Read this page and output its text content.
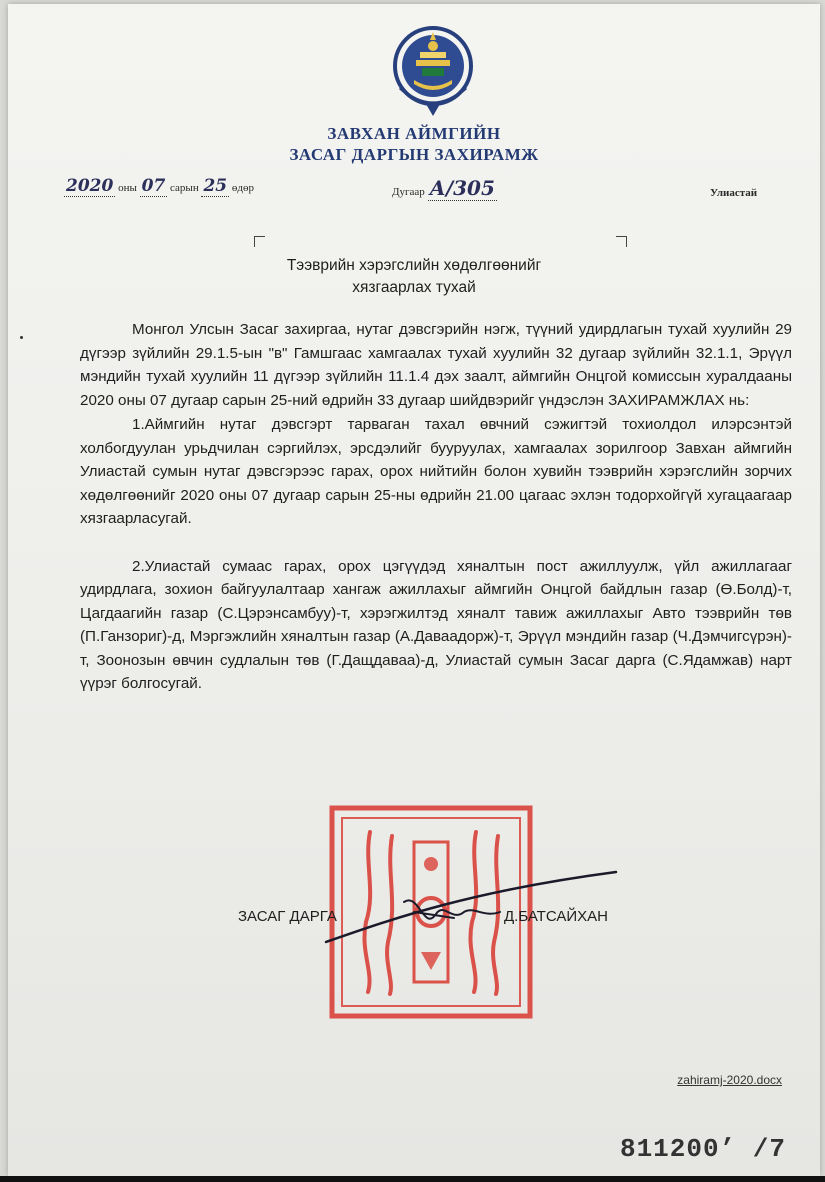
ЗАВХАН АЙМГИЙН
ЗАСАГ ДАРГЫН ЗАХИРАМЖ
2020 оны 07 сарын 25 өдөр	Дугаар А/305	Улиастай
Тээврийн хэрэгслийн хөдөлгөөнийг
хязгаарлах тухай

Монгол Улсын Засаг захиргаа, нутаг дэвсгэрийн нэгж, түүний удирдлагын тухай хуулийн 29 дүгээр зүйлийн 29.1.5-ын "в" Гамшгаас хамгаалах тухай хуулийн 32 дугаар зүйлийн 32.1.1, Эрүүл мэндийн тухай хуулийн 11 дүгээр зүйлийн 11.1.4 дэх заалт, аймгийн Онцгой комиссын хуралдааны 2020 оны 07 дугаар сарын 25-ний өдрийн 33 дугаар шийдвэрийг үндэслэн ЗАХИРАМЖЛАХ нь:

1.Аймгийн нутаг дэвсгэрт тарваган тахал өвчний сэжигтэй тохиолдол илэрсэнтэй холбогдуулан урьдчилан сэргийлэх, эрсдэлийг бууруулах, хамгаалах зорилгоор Завхан аймгийн Улиастай сумын нутаг дэвсгэрээс гарах, орох нийтийн болон хувийн тээврийн хэрэгслийн зорчих хөдөлгөөнийг 2020 оны 07 дугаар сарын 25-ны өдрийн 21.00 цагаас эхлэн тодорхойгүй хугацаагаар хязгаарласугай.

2.Улиастай сумаас гарах, орох цэгүүдэд хяналтын пост ажиллуулж, үйл ажиллагааг удирдлага, зохион байгуулалтаар хангаж ажиллахыг аймгийн Онцгой байдлын газар (Ө.Болд)-т, Цагдаагийн газар (С.Цэрэнсамбуу)-т, хэрэгжилтэд хяналт тавиж ажиллахыг Авто тээврийн төв (П.Ганзориг)-д, Мэргэжлийн хяналтын газар (А.Даваадорж)-т, Эрүүл мэндийн газар (Ч.Дэмчигсүрэн)-т, Зоонозын өвчин судлалын төв (Г.Дащдаваа)-д, Улиастай сумын Засаг дарга (С.Ядамжав) нарт үүрэг болгосугай.

ЗАСАГ ДАРГА	Д.БАТСАЙХАН
zahiramj-2020.docx
811200’ /7
